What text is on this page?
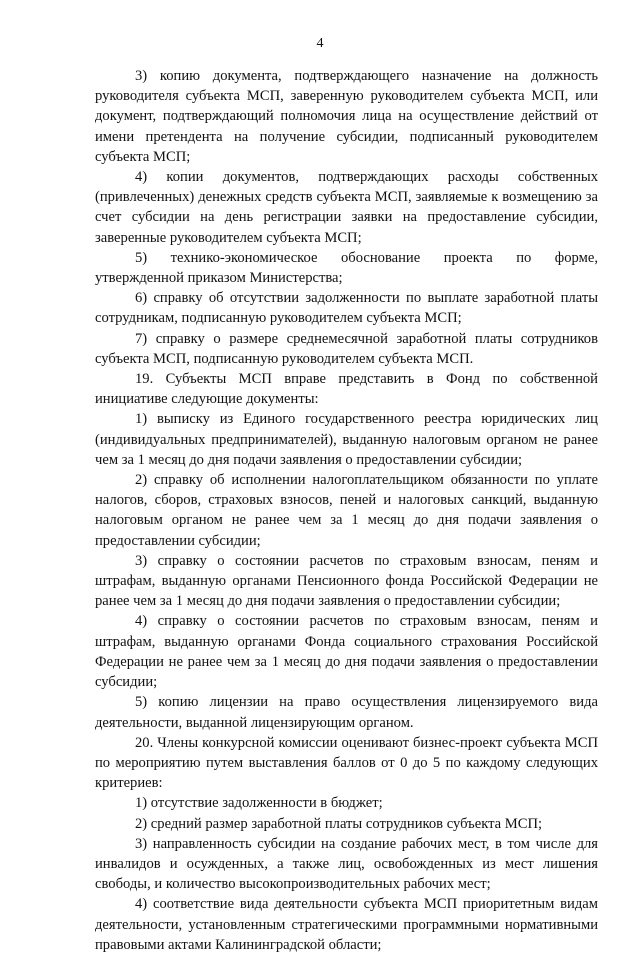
4

3) копию документа, подтверждающего назначение на должность руководителя субъекта МСП, заверенную руководителем субъекта МСП, или документ, подтверждающий полномочия лица на осуществление действий от имени претендента на получение субсидии, подписанный руководителем субъекта МСП;

4) копии документов, подтверждающих расходы собственных (привлеченных) денежных средств субъекта МСП, заявляемые к возмещению за счет субсидии на день регистрации заявки на предоставление субсидии, заверенные руководителем субъекта МСП;

5) технико-экономическое обоснование проекта по форме,

утвержденной приказом Министерства;

6) справку об отсутствии задолженности по выплате заработной платы сотрудникам, подписанную руководителем субъекта МСП;

7) справку о размере среднемесячной заработной платы сотрудников субъекта МСП, подписанную руководителем субъекта МСП.

19. Субъекты МСП вправе представить в Фонд по собственной инициативе следующие документы:

1) выписку из Единого государственного реестра юридических лиц (индивидуальных предпринимателей), выданную налоговым органом не ранее чем за 1 месяц до дня подачи заявления о предоставлении субсидии;

2) справку об исполнении налогоплательщиком обязанности по уплате налогов, сборов, страховых взносов, пеней и налоговых санкций, выданную налоговым органом не ранее чем за 1 месяц до дня подачи заявления о предоставлении субсидии;

3) справку о состоянии расчетов по страховым взносам, пеням и штрафам, выданную органами Пенсионного фонда Российской Федерации не ранее чем за 1 месяц до дня подачи заявления о предоставлении субсидии;

4) справку о состоянии расчетов по страховым взносам, пеням и штрафам, выданную органами Фонда социального страхования Российской Федерации не ранее чем за 1 месяц до дня подачи заявления о предоставлении субсидии;

5) копию лицензии на право осуществления лицензируемого вида деятельности, выданной лицензирующим органом.

20. Члены конкурсной комиссии оценивают бизнес-проект субъекта МСП по мероприятию путем выставления баллов от 0 до 5 по каждому следующих критериев:

1) отсутствие задолженности в бюджет;

2) средний размер заработной платы сотрудников субъекта МСП;

3) направленность субсидии на создание рабочих мест, в том числе для инвалидов и осужденных, а также лиц, освобожденных из мест лишения свободы, и количество высокопроизводительных рабочих мест;

4) соответствие вида деятельности субъекта МСП приоритетным видам деятельности, установленным стратегическими программными нормативными правовыми актами Калининградской области;
